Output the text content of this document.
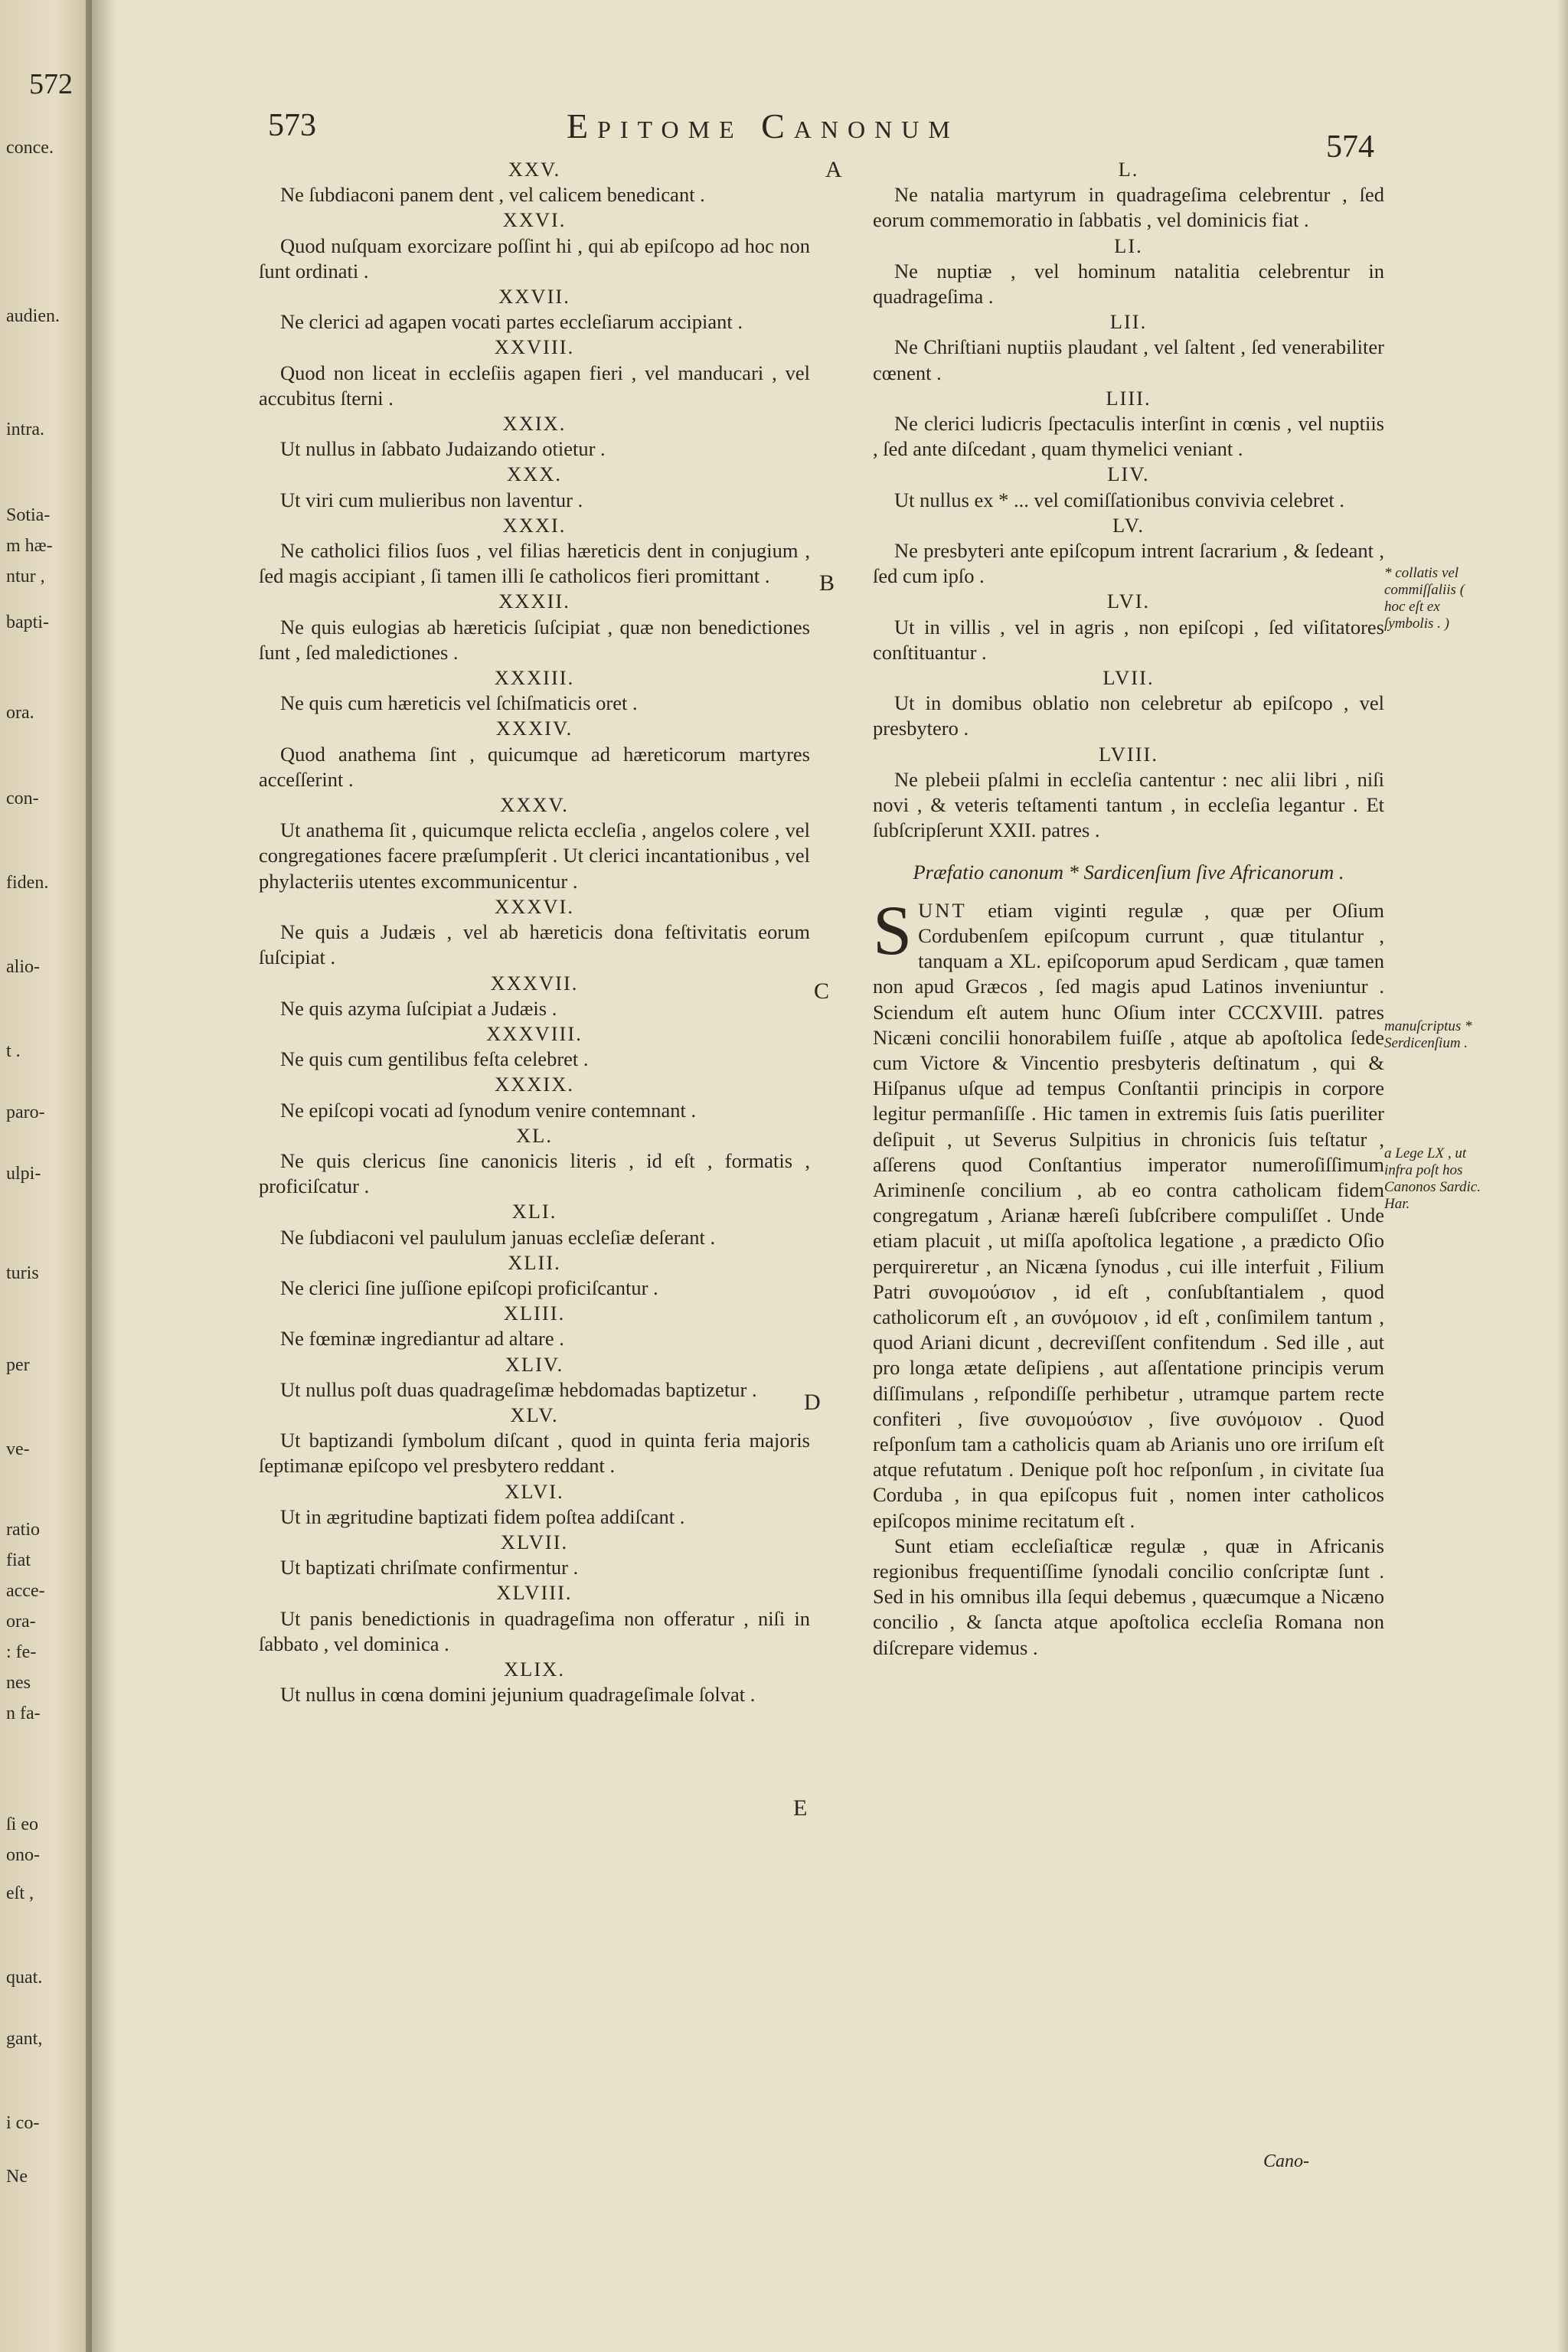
572
conce.
audien.
intra.
Sotia-
m hæ-
ntur ,
bapti-
ora.
con-
fiden.
alio-
t .
paro-
ulpi-
turis
per
ve-
ratio
fiat
acce-
ora-
: fe-
nes
n fa-
ſi eo
ono-
eſt ,
quat.
gant,
i co-
Ne
573	Epitome Canonum
574
A
B
C
D
E
XXV.
Ne ſubdiaconi panem dent , vel calicem benedicant .
XXVI.
Quod nuſquam exorcizare poſſint hi , qui ab epiſcopo ad hoc non ſunt ordinati .
XXVII.
Ne clerici ad agapen vocati partes eccleſiarum accipiant .
XXVIII.
Quod non liceat in eccleſiis agapen fieri , vel manducari , vel accubitus ſterni .
XXIX.
Ut nullus in ſabbato Judaizando otietur .
XXX.
Ut viri cum mulieribus non laventur .
XXXI.
Ne catholici filios ſuos , vel filias hæreticis dent in conjugium , ſed magis accipiant , ſi tamen illi ſe catholicos fieri promittant .
XXXII.
Ne quis eulogias ab hæreticis ſuſcipiat , quæ non benedictiones ſunt , ſed maledictiones .
XXXIII.
Ne quis cum hæreticis vel ſchiſmaticis oret .
XXXIV.
Quod anathema ſint , quicumque ad hæreticorum martyres acceſſerint .
XXXV.
Ut anathema ſit , quicumque relicta eccleſia , angelos colere , vel congregationes facere præſumpſerit . Ut clerici incantationibus , vel phylacteriis utentes excommunicentur .
XXXVI.
Ne quis a Judæis , vel ab hæreticis dona feſtivitatis eorum ſuſcipiat .
XXXVII.
Ne quis azyma ſuſcipiat a Judæis .
XXXVIII.
Ne quis cum gentilibus feſta celebret .
XXXIX.
Ne epiſcopi vocati ad ſynodum venire contemnant .
XL.
Ne quis clericus ſine canonicis literis , id eſt , formatis , proficiſcatur .
XLI.
Ne ſubdiaconi vel paululum januas eccleſiæ deſerant .
XLII.
Ne clerici ſine juſſione epiſcopi proficiſcantur .
XLIII.
Ne fœminæ ingrediantur ad altare .
XLIV.
Ut nullus poſt duas quadrageſimæ hebdomadas baptizetur .
XLV.
Ut baptizandi ſymbolum diſcant , quod in quinta feria majoris ſeptimanæ epiſcopo vel presbytero reddant .
XLVI.
Ut in ægritudine baptizati fidem poſtea addiſcant .
XLVII.
Ut baptizati chriſmate confirmentur .
XLVIII.
Ut panis benedictionis in quadrageſima non offeratur , niſi in ſabbato , vel dominica .
XLIX.
Ut nullus in cœna domini jejunium quadrageſimale ſolvat .
L.
Ne natalia martyrum in quadrageſima celebrentur , ſed eorum commemoratio in ſabbatis , vel dominicis fiat .
LI.
Ne nuptiæ , vel hominum natalitia celebrentur in quadrageſima .
LII.
Ne Chriſtiani nuptiis plaudant , vel ſaltent , ſed venerabiliter cœnent .
LIII.
Ne clerici ludicris ſpectaculis interſint in cœnis , vel nuptiis , ſed ante diſcedant , quam thymelici veniant .
LIV.
Ut nullus ex * ... vel comiſſationibus convivia celebret .
LV.
Ne presbyteri ante epiſcopum intrent ſacrarium , & ſedeant , ſed cum ipſo .
LVI.
Ut in villis , vel in agris , non epiſcopi , ſed viſitatores conſtituantur .
LVII.
Ut in domibus oblatio non celebretur ab epiſcopo , vel presbytero .
LVIII.
Ne plebeii pſalmi in eccleſia cantentur : nec alii libri , niſi novi , & veteris teſtamenti tantum , in eccleſia legantur . Et ſubſcripſerunt XXII. patres .
Præfatio canonum * Sardicenſium ſive Africanorum .

SUNT etiam viginti regulæ , quæ per Oſium Cordubenſem epiſcopum currunt , quæ titulantur , tanquam a XL. epiſcoporum apud Serdicam , quæ tamen non apud Græcos , ſed magis apud Latinos inveniuntur . Sciendum eſt autem hunc Oſium inter CCCXVIII. patres Nicæni concilii honorabilem fuiſſe , atque ab apoſtolica ſede cum Victore & Vincentio presbyteris deſtinatum , qui & Hiſpanus uſque ad tempus Conſtantii principis in corpore legitur permanſiſſe . Hic tamen in extremis ſuis ſatis pueriliter deſipuit , ut Severus Sulpitius in chronicis ſuis teſtatur , aſſerens quod Conſtantius imperator numeroſiſſimum Ariminenſe concilium , ab eo contra catholicam fidem congregatum , Arianæ hæreſi ſubſcribere compuliſſet . Unde etiam placuit , ut miſſa apoſtolica legatione , a prædicto Oſio perquireretur , an Nicæna ſynodus , cui ille interfuit , Filium Patri συνομούσιον , id eſt , conſubſtantialem , quod catholicorum eſt , an συνόμοιον , id eſt , conſimilem tantum , quod Ariani dicunt , decreviſſent confitendum . Sed ille , aut pro longa ætate deſipiens , aut aſſentatione principis verum diſſimulans , reſpondiſſe perhibetur , utramque partem recte confiteri , ſive συνομούσιον , ſive συνόμοιον . Quod reſponſum tam a catholicis quam ab Arianis uno ore irriſum eſt atque refutatum . Denique poſt hoc reſponſum , in civitate ſua Corduba , in qua epiſcopus fuit , nomen inter catholicos epiſcopos minime recitatum eſt .

Sunt etiam eccleſiaſticæ regulæ , quæ in Africanis regionibus frequentiſſime ſynodali concilio conſcriptæ ſunt . Sed in his omnibus illa ſequi debemus , quæcumque a Nicæno concilio , & ſancta atque apoſtolica eccleſia Romana non diſcrepare videmus .

* collatis vel commiſſaliis ( hoc eſt ex ſymbolis . )
manuſcriptus * Serdicenſium .
a Lege LX , ut infra poſt hos Canonos Sardic. Har.
Cano-
